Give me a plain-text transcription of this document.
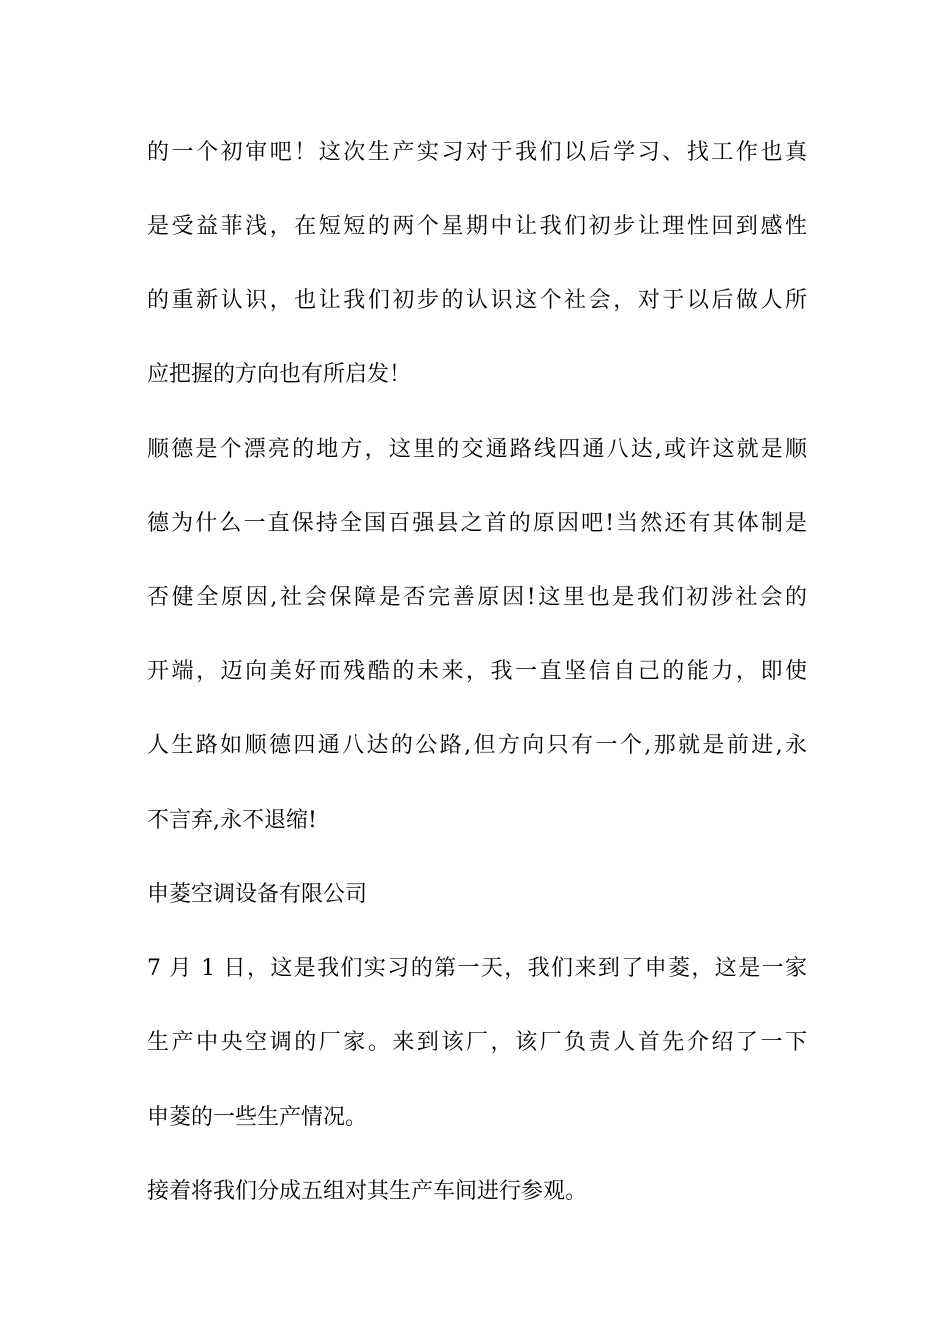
的一个初审吧！这次生产实习对于我们以后学习、找工作也真
是受益菲浅，在短短的两个星期中让我们初步让理性回到感性
的重新认识，也让我们初步的认识这个社会，对于以后做人所
应把握的方向也有所启发！
顺德是个漂亮的地方，这里的交通路线四通八达,或许这就是顺
德为什么一直保持全国百强县之首的原因吧!当然还有其体制是
否健全原因,社会保障是否完善原因!这里也是我们初涉社会的
开端，迈向美好而残酷的未来，我一直坚信自己的能力，即使
人生路如顺德四通八达的公路,但方向只有一个,那就是前进,永
不言弃,永不退缩!
申菱空调设备有限公司
7 月 1 日，这是我们实习的第一天，我们来到了申菱，这是一家
生产中央空调的厂家。来到该厂，该厂负责人首先介绍了一下
申菱的一些生产情况。
接着将我们分成五组对其生产车间进行参观。
